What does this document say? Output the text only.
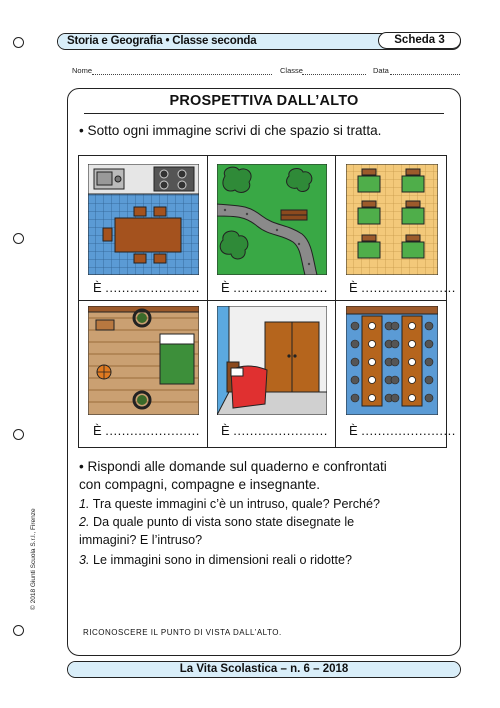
Storia e Geografia • Classe seconda	Scheda 3
Nome	Classe	Data
PROSPETTIVA DALL’ALTO
• Sotto ogni immagine scrivi di che spazio si tratta.
È ....................... È ....................... È .......................
È ....................... È ....................... È .......................
• Rispondi alle domande sul quaderno e confrontati
con compagni, compagne e insegnante.
1. Tra queste immagini c’è un intruso, quale? Perché?
2. Da quale punto di vista sono state disegnate le
immagini? E l’intruso?
3. Le immagini sono in dimensioni reali o ridotte?
RICONOSCERE IL PUNTO DI VISTA DALL’ALTO.
© 2018 Giunti Scuola S.r.l., Firenze
La Vita Scolastica – n. 6 – 2018
